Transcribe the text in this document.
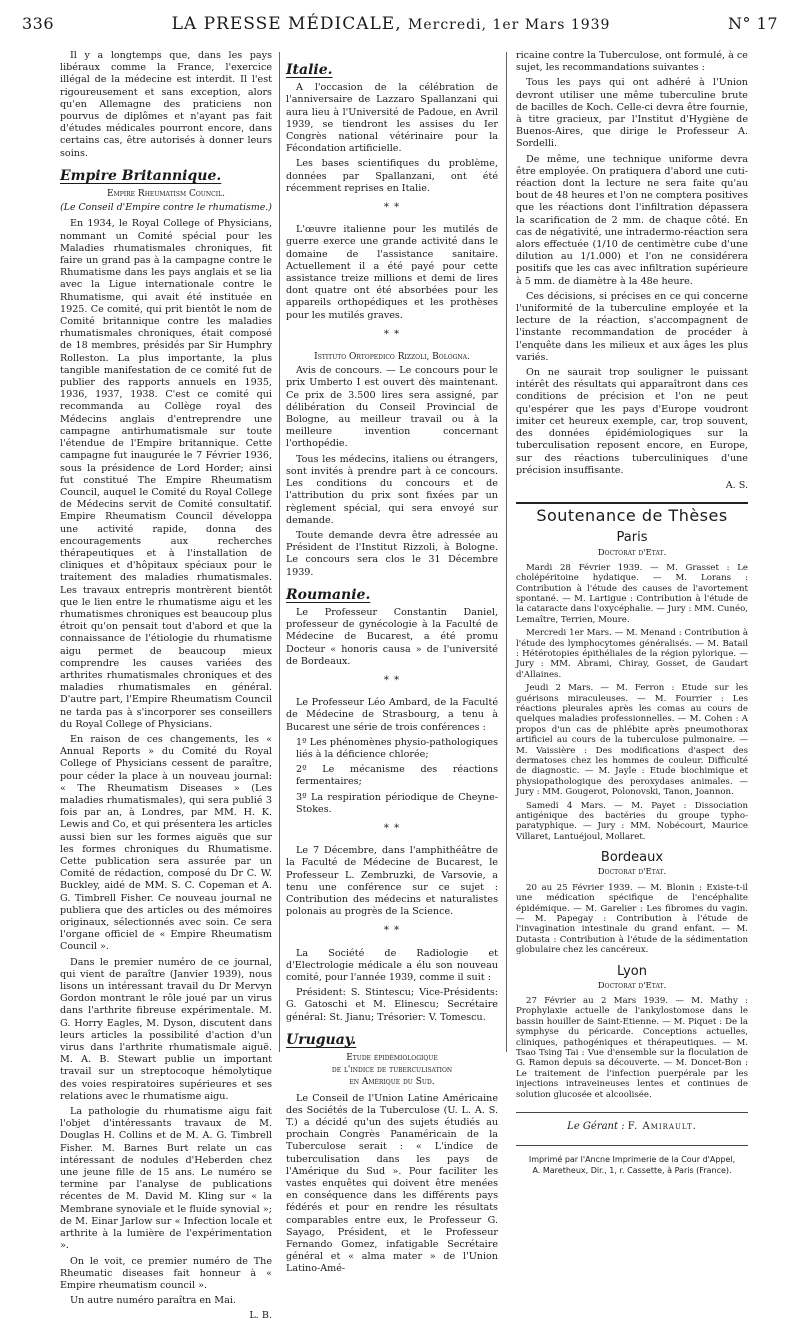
336	LA PRESSE MÉDICALE, Mercredi, 1er Mars 1939	N° 17

Il y a longtemps que, dans les pays libéraux comme la France, l'exercice illégal de la médecine est interdit. Il l'est rigoureusement et sans exception, alors qu'en Allemagne des praticiens non pourvus de diplômes et n'ayant pas fait d'études médicales pourront encore, dans certains cas, être autorisés à donner leurs soins.

Empire Britannique.

Empire Rheumatism Council.

(Le Conseil d'Empire contre le rhumatisme.)

En 1934, le Royal College of Physicians, nommant un Comité spécial pour les Maladies rhumatismales chroniques, fit faire un grand pas à la campagne contre le Rhumatisme dans les pays anglais et se lia avec la Ligue internationale contre le Rhumatisme, qui avait été instituée en 1925. Ce comité, qui prit bientôt le nom de Comité britannique contre les maladies rhumatismales chroniques, était composé de 18 membres, présidés par Sir Humphry Rolleston. La plus importante, la plus tangible manifestation de ce comité fut de publier des rapports annuels en 1935, 1936, 1937, 1938. C'est ce comité qui recommanda au Collège royal des Médecins anglais d'entreprendre une campagne antirhumatismale sur toute l'étendue de l'Empire britannique. Cette campagne fut inaugurée le 7 Février 1936, sous la présidence de Lord Horder; ainsi fut constitué The Empire Rheumatism Council, auquel le Comité du Royal College de Médecins servit de Comité consultatif. Empire Rheumatism Council développa une activité rapide, donna des encouragements aux recherches thérapeutiques et à l'installation de cliniques et d'hôpitaux spéciaux pour le traitement des maladies rhumatismales. Les travaux entrepris montrèrent bientôt que le lien entre le rhumatisme aigu et les rhumatismes chroniques est beaucoup plus étroit qu'on pensait tout d'abord et que la connaissance de l'étiologie du rhumatisme aigu permet de beaucoup mieux comprendre les causes variées des arthrites rhumatismales chroniques et des maladies rhumatismales en général. D'autre part, l'Empire Rheumatism Council ne tarda pas à s'incorporer ses conseillers du Royal College of Physicians.

En raison de ces changements, les « Annual Reports » du Comité du Royal College of Physicians cessent de paraître, pour céder la place à un nouveau journal: « The Rheumatism Diseases » (Les maladies rhumatismales), qui sera publié 3 fois par an, à Londres, par MM. H. K. Lewis and Co, et qui présentera les articles aussi bien sur les formes aiguës que sur les formes chroniques du Rhumatisme. Cette publication sera assurée par un Comité de rédaction, composé du Dr C. W. Buckley, aidé de MM. S. C. Copeman et A. G. Timbrell Fisher. Ce nouveau journal ne publiera que des articles ou des mémoires originaux, sélectionnés avec soin. Ce sera l'organe officiel de « Empire Rheumatism Council ».

Dans le premier numéro de ce journal, qui vient de paraître (Janvier 1939), nous lisons un intéressant travail du Dr Mervyn Gordon montrant le rôle joué par un virus dans l'arthrite fibreuse expérimentale. M. G. Horry Eagles, M. Dyson, discutent dans leurs articles la possibilité d'action d'un virus dans l'arthrite rhumatismale aiguë. M. A. B. Stewart publie un important travail sur un streptocoque hémolytique des voies respiratoires supérieures et ses relations avec le rhumatisme aigu.

La pathologie du rhumatisme aigu fait l'objet d'intéressants travaux de M. Douglas H. Collins et de M. A. G. Timbrell Fisher. M. Barnes Burt relate un cas intéressant de nodules d'Heberden chez une jeune fille de 15 ans. Le numéro se termine par l'analyse de publications récentes de M. David M. Kling sur « la Membrane synoviale et le fluide synovial »; de M. Einar Jarlow sur « Infection locale et arthrite à la lumière de l'expérimentation ».

On le voit, ce premier numéro de The Rheumatic diseases fait honneur à « Empire rheumatism council ».

Un autre numéro paraîtra en Mai.

L. B.

Italie.

A l'occasion de la célébration de l'anniversaire de Lazzaro Spallanzani qui aura lieu à l'Université de Padoue, en Avril 1939, se tiendront les assises du Ier Congrès national vétérinaire pour la Fécondation artificielle.

Les bases scientifiques du problème, données par Spallanzani, ont été récemment reprises en Italie.

* *

L'œuvre italienne pour les mutilés de guerre exerce une grande activité dans le domaine de l'assistance sanitaire. Actuellement il a été payé pour cette assistance treize millions et demi de lires dont quatre ont été absorbées pour les appareils orthopédiques et les prothèses pour les mutilés graves.

* *

Istituto Ortopedico Rizzoli, Bologna.

Avis de concours. — Le concours pour le prix Umberto I est ouvert dès maintenant. Ce prix de 3.500 lires sera assigné, par délibération du Conseil Provincial de Bologne, au meilleur travail ou à la meilleure invention concernant l'orthopédie.

Tous les médecins, italiens ou étrangers, sont invités à prendre part à ce concours. Les conditions du concours et de l'attribution du prix sont fixées par un règlement spécial, qui sera envoyé sur demande.

Toute demande devra être adressée au Président de l'Institut Rizzoli, à Bologne. Le concours sera clos le 31 Décembre 1939.

Roumanie.

Le Professeur Constantin Daniel, professeur de gynécologie à la Faculté de Médecine de Bucarest, a été promu Docteur « honoris causa » de l'université de Bordeaux.

* *

Le Professeur Léo Ambard, de la Faculté de Médecine de Strasbourg, a tenu à Bucarest une série de trois conférences :

1º Les phénomènes physio-pathologiques liés à la déficience chlorée;

2º Le mécanisme des réactions fermentaires;

3º La respiration périodique de Cheyne-Stokes.

* *

Le 7 Décembre, dans l'amphithéâtre de la Faculté de Médecine de Bucarest, le Professeur L. Zembruzki, de Varsovie, a tenu une conférence sur ce sujet : Contribution des médecins et naturalistes polonais au progrès de la Science.

* *

La Société de Radiologie et d'Electrologie médicale a élu son nouveau comité, pour l'année 1939, comme il suit :

Président: S. Stintescu; Vice-Présidents: G. Gatoschi et M. Elinescu; Secrétaire général: St. Jianu; Trésorier: V. Tomescu.

Uruguay.

Etude épidémiologique

de l'indice de tuberculisation

en Amérique du Sud.

Le Conseil de l'Union Latine Américaine des Sociétés de la Tuberculose (U. L. A. S. T.) a décidé qu'un des sujets étudiés au prochain Congrès Panaméricain de la Tuberculose serait : « L'indice de tuberculisation dans les pays de l'Amérique du Sud ». Pour faciliter les vastes enquêtes qui doivent être menées en conséquence dans les différents pays fédérés et pour en rendre les résultats comparables entre eux, le Professeur G. Sayago, Président, et le Professeur Fernando Gomez, infatigable Secrétaire général et « alma mater » de l'Union Latino-Amé-

ricaine contre la Tuberculose, ont formulé, à ce sujet, les recommandations suivantes :

Tous les pays qui ont adhéré à l'Union devront utiliser une même tuberculine brute de bacilles de Koch. Celle-ci devra être fournie, à titre gracieux, par l'Institut d'Hygiène de Buenos-Aires, que dirige le Professeur A. Sordelli.

De même, une technique uniforme devra être employée. On pratiquera d'abord une cuti-réaction dont la lecture ne sera faite qu'au bout de 48 heures et l'on ne comptera positives que les réactions dont l'infiltration dépassera la scarification de 2 mm. de chaque côté. En cas de négativité, une intradermo-réaction sera alors effectuée (1/10 de centimètre cube d'une dilution au 1/1.000) et l'on ne considérera positifs que les cas avec infiltration supérieure à 5 mm. de diamètre à la 48e heure.

Ces décisions, si précises en ce qui concerne l'uniformité de la tuberculine employée et la lecture de la réaction, s'accompagnent de l'instante recommandation de procéder à l'enquête dans les milieux et aux âges les plus variés.

On ne saurait trop souligner le puissant intérêt des résultats qui apparaîtront dans ces conditions de précision et l'on ne peut qu'espérer que les pays d'Europe voudront imiter cet heureux exemple, car, trop souvent, des données épidémiologiques sur la tuberculisation reposent encore, en Europe, sur des réactions tuberculiniques d'une précision insuffisante.

A. S.

Soutenance de Thèses
Paris
Doctorat d'Etat.

Mardi 28 Février 1939. — M. Grasset : Le cholépéritoine hydatique. — M. Lorans : Contribution à l'étude des causes de l'avortement spontané. — M. Lartigue : Contribution à l'étude de la cataracte dans l'oxycéphalie. — Jury : MM. Cunéo, Lemaître, Terrien, Moure.

Mercredi 1er Mars. — M. Menand : Contribution à l'étude des lymphocytomes généralisés. — M. Batail : Hétérotopies épithéliales de la région pylorique. — Jury : MM. Abrami, Chiray, Gosset, de Gaudart d'Allaines.

Jeudi 2 Mars. — M. Ferron : Etude sur les guérisons miraculeuses. — M. Fourrier : Les réactions pleurales après les comas au cours de quelques maladies professionnelles. — M. Cohen : A propos d'un cas de phlébite après pneumothorax artificiel au cours de la tuberculose pulmonaire. — M. Vaissière : Des modifications d'aspect des dermatoses chez les hommes de couleur. Difficulté de diagnostic. — M. Jayle : Etude biochimique et physiopathologique des peroxydases animales. — Jury : MM. Gougerot, Polonovski, Tanon, Joannon.

Samedi 4 Mars. — M. Payet : Dissociation antigénique des bactéries du groupe typho-paratyphique. — Jury : MM. Nobécourt, Maurice Villaret, Lantuéjoul, Mollaret.

Bordeaux
Doctorat d'Etat.

20 au 25 Février 1939. — M. Blonin : Existe-t-il une médication spécifique de l'encéphalite épidémique. — M. Garelier : Les fibromes du vagin. — M. Papegay : Contribution à l'étude de l'invagination intestinale du grand enfant. — M. Dutasta : Contribution à l'étude de la sédimentation globulaire chez les cancéreux.

Lyon
Doctorat d'Etat.

27 Février au 2 Mars 1939. — M. Mathy : Prophylaxie actuelle de l'ankylostomose dans le bassin houiller de Saint-Etienne. — M. Piquet : De la symphyse du péricarde. Conceptions actuelles, cliniques, pathogéniques et thérapeutiques. — M. Tsao Tsing Tai : Vue d'ensemble sur la floculation de G. Ramon depuis sa découverte. — M. Doncet-Bon : Le traitement de l'infection puerpérale par les injections intraveineuses lentes et continues de solution glucosée et alcoolisée.

Le Gérant : F. Amirault.
Imprimé par l'Ancne Imprimerie de la Cour d'Appel,
A. Maretheux, Dir., 1, r. Cassette, à Paris (France).
